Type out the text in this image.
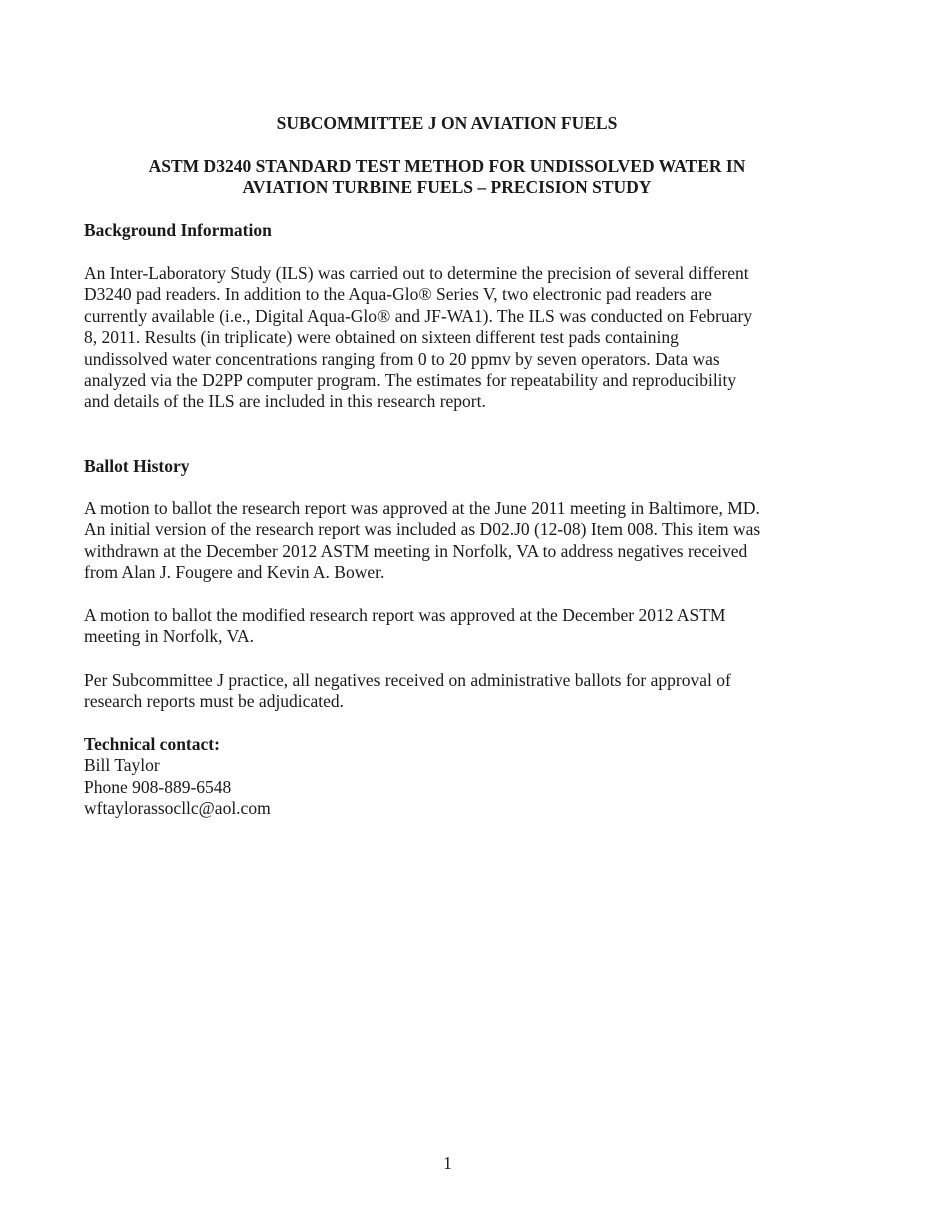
SUBCOMMITTEE J ON AVIATION FUELS

ASTM D3240 STANDARD TEST METHOD FOR UNDISSOLVED WATER IN
AVIATION TURBINE FUELS – PRECISION STUDY

Background Information

An Inter-Laboratory Study (ILS) was carried out to determine the precision of several different
D3240 pad readers. In addition to the Aqua-Glo® Series V, two electronic pad readers are
currently available (i.e., Digital Aqua-Glo® and JF-WA1). The ILS was conducted on February
8, 2011. Results (in triplicate) were obtained on sixteen different test pads containing
undissolved water concentrations ranging from 0 to 20 ppmv by seven operators. Data was
analyzed via the D2PP computer program. The estimates for repeatability and reproducibility
and details of the ILS are included in this research report.

Ballot History

A motion to ballot the research report was approved at the June 2011 meeting in Baltimore, MD.
An initial version of the research report was included as D02.J0 (12-08) Item 008. This item was
withdrawn at the December 2012 ASTM meeting in Norfolk, VA to address negatives received
from Alan J. Fougere and Kevin A. Bower.
A motion to ballot the modified research report was approved at the December 2012 ASTM
meeting in Norfolk, VA.
Per Subcommittee J practice, all negatives received on administrative ballots for approval of
research reports must be adjudicated.
Technical contact:
Bill Taylor
Phone 908-889-6548
wftaylorassocllc@aol.com

1
